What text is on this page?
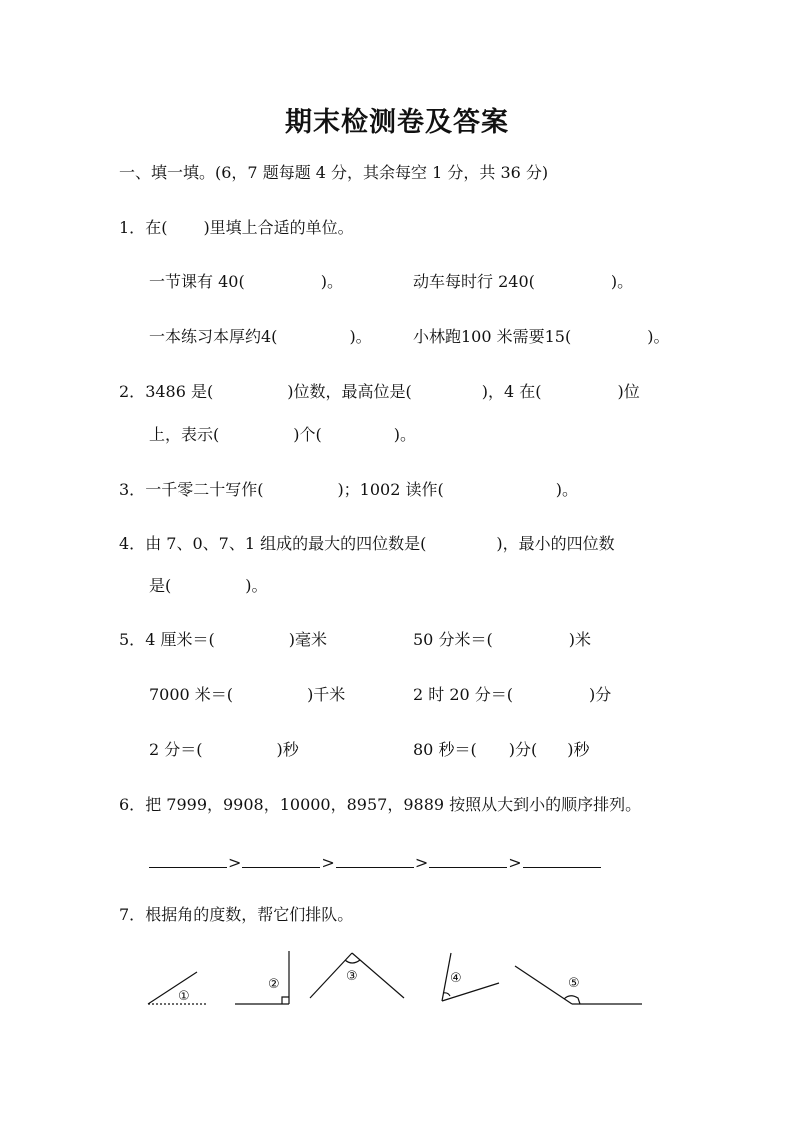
期末检测卷及答案
一、填一填。(6，7 题每题 4 分，其余每空 1 分，共 36 分)
1．在( )里填上合适的单位。
一节课有 40(	)。	动车每时行 240(	)。
一本练习本厚约4(	)。	小林跑100 米需要15(	)。
2．3486 是(	)位数，最高位是(	)，4 在(	)位
上，表示(	)个(	)。
3．一千零二十写作(	)；1002 读作(	)。
4．由 7、0、7、1 组成的最大的四位数是(	)，最小的四位数
是(	)。
5．4 厘米＝(	)毫米	50 分米＝(	)米
7000 米＝(	)千米	2 时 20 分＝(	)分
2 分＝(	)秒	80 秒＝( )分( )秒
6．把 7999，9908，10000，8957，9889 按照从大到小的顺序排列。
>	>	>	>
7．根据角的度数，帮它们排队。
①
②
③	④	⑤
